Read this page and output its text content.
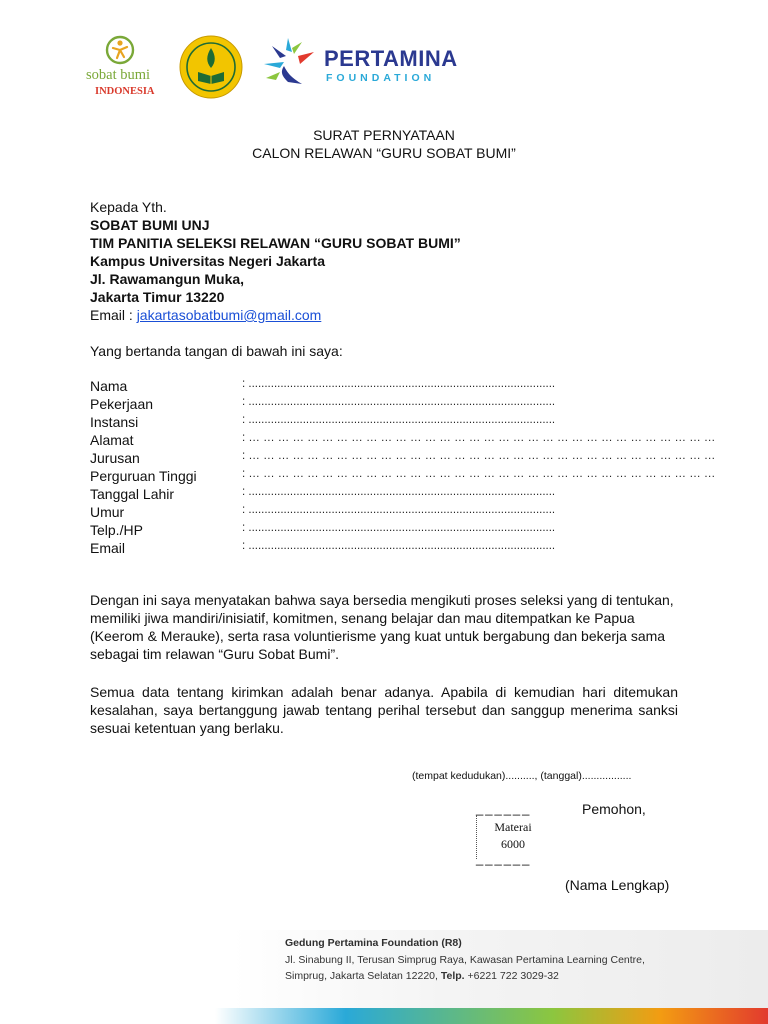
sobat bumi
INDONESIA
PERTAMINA
FOUNDATION
SURAT PERNYATAAN
CALON RELAWAN “GURU SOBAT BUMI”
Kepada Yth.
SOBAT BUMI UNJ
TIM PANITIA SELEKSI RELAWAN “GURU SOBAT BUMI”
Kampus Universitas Negeri Jakarta
Jl. Rawamangun Muka,
Jakarta Timur 13220
Email : jakartasobatbumi@gmail.com
Yang bertanda tangan di bawah ini saya:
Nama	: ................................................................................................
Pekerjaan	: ................................................................................................
Instansi	: ................................................................................................
Alamat	: … … … … … … … … … … … … … … … … … … … … … … … … … … … … … … … …
Jurusan	: … … … … … … … … … … … … … … … … … … … … … … … … … … … … … … … …
Perguruan Tinggi	: … … … … … … … … … … … … … … … … … … … … … … … … … … … … … … … …
Tanggal Lahir	: ................................................................................................
Umur	: ................................................................................................
Telp./HP	: ................................................................................................
Email	: ................................................................................................
Dengan ini saya menyatakan bahwa saya bersedia mengikuti proses seleksi yang di tentukan, memiliki jiwa mandiri/inisiatif, komitmen, senang belajar dan mau ditempatkan ke Papua (Keerom & Merauke), serta rasa voluntierisme yang kuat untuk bergabung dan bekerja sama sebagai tim relawan “Guru Sobat Bumi”.
Semua data tentang kirimkan adalah benar adanya. Apabila di kemudian hari ditemukan kesalahan, saya bertanggung jawab tentang perihal tersebut dan sanggup menerima sanksi sesuai ketentuan yang berlaku.
(tempat kedudukan).........., (tanggal).................
______	Pemohon,
Materai
6000
______
(Nama Lengkap)
Gedung Pertamina Foundation (R8)
Jl. Sinabung II, Terusan Simprug Raya, Kawasan Pertamina Learning Centre,
Simprug, Jakarta Selatan 12220, Telp. +6221 722 3029-32
